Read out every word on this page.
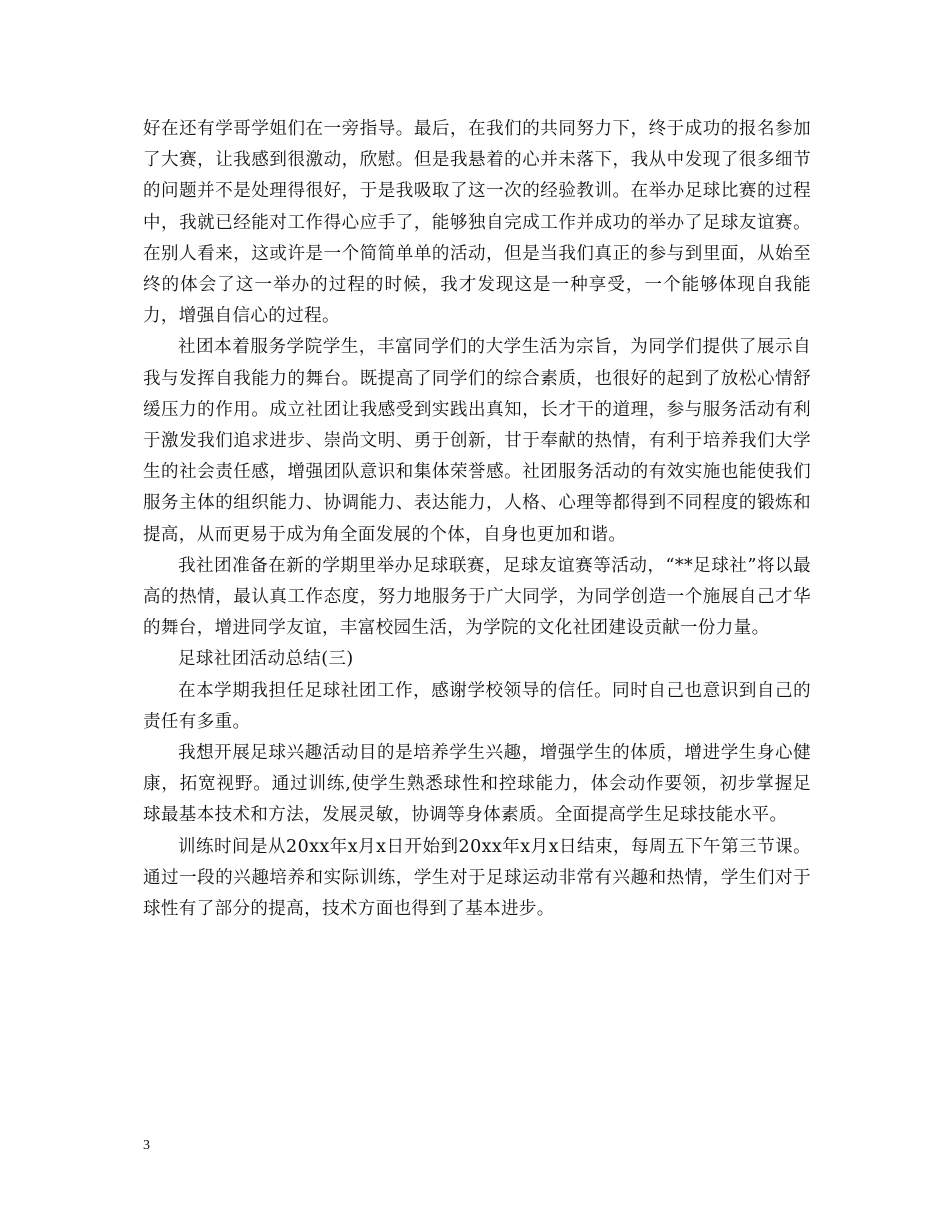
好在还有学哥学姐们在一旁指导。最后，在我们的共同努力下，终于成功的报名参加了大赛，让我感到很激动，欣慰。但是我悬着的心并未落下，我从中发现了很多细节的问题并不是处理得很好，于是我吸取了这一次的经验教训。在举办足球比赛的过程中，我就已经能对工作得心应手了，能够独自完成工作并成功的举办了足球友谊赛。在别人看来，这或许是一个简简单单的活动，但是当我们真正的参与到里面，从始至终的体会了这一举办的过程的时候，我才发现这是一种享受，一个能够体现自我能力，增强自信心的过程。

社团本着服务学院学生，丰富同学们的大学生活为宗旨，为同学们提供了展示自我与发挥自我能力的舞台。既提高了同学们的综合素质，也很好的起到了放松心情舒缓压力的作用。成立社团让我感受到实践出真知，长才干的道理，参与服务活动有利于激发我们追求进步、崇尚文明、勇于创新，甘于奉献的热情，有利于培养我们大学生的社会责任感，增强团队意识和集体荣誉感。社团服务活动的有效实施也能使我们服务主体的组织能力、协调能力、表达能力，人格、心理等都得到不同程度的锻炼和提高，从而更易于成为角全面发展的个体，自身也更加和谐。

我社团准备在新的学期里举办足球联赛，足球友谊赛等活动，“**足球社”将以最高的热情，最认真工作态度，努力地服务于广大同学，为同学创造一个施展自己才华的舞台，增进同学友谊，丰富校园生活，为学院的文化社团建设贡献一份力量。

足球社团活动总结(三)

在本学期我担任足球社团工作，感谢学校领导的信任。同时自己也意识到自己的责任有多重。

我想开展足球兴趣活动目的是培养学生兴趣，增强学生的体质，增进学生身心健康，拓宽视野。通过训练,使学生熟悉球性和控球能力，体会动作要领，初步掌握足球最基本技术和方法，发展灵敏，协调等身体素质。全面提高学生足球技能水平。

训练时间是从20xx年x月x日开始到20xx年x月x日结束，每周五下午第三节课。通过一段的兴趣培养和实际训练，学生对于足球运动非常有兴趣和热情，学生们对于球性有了部分的提高，技术方面也得到了基本进步。

3
